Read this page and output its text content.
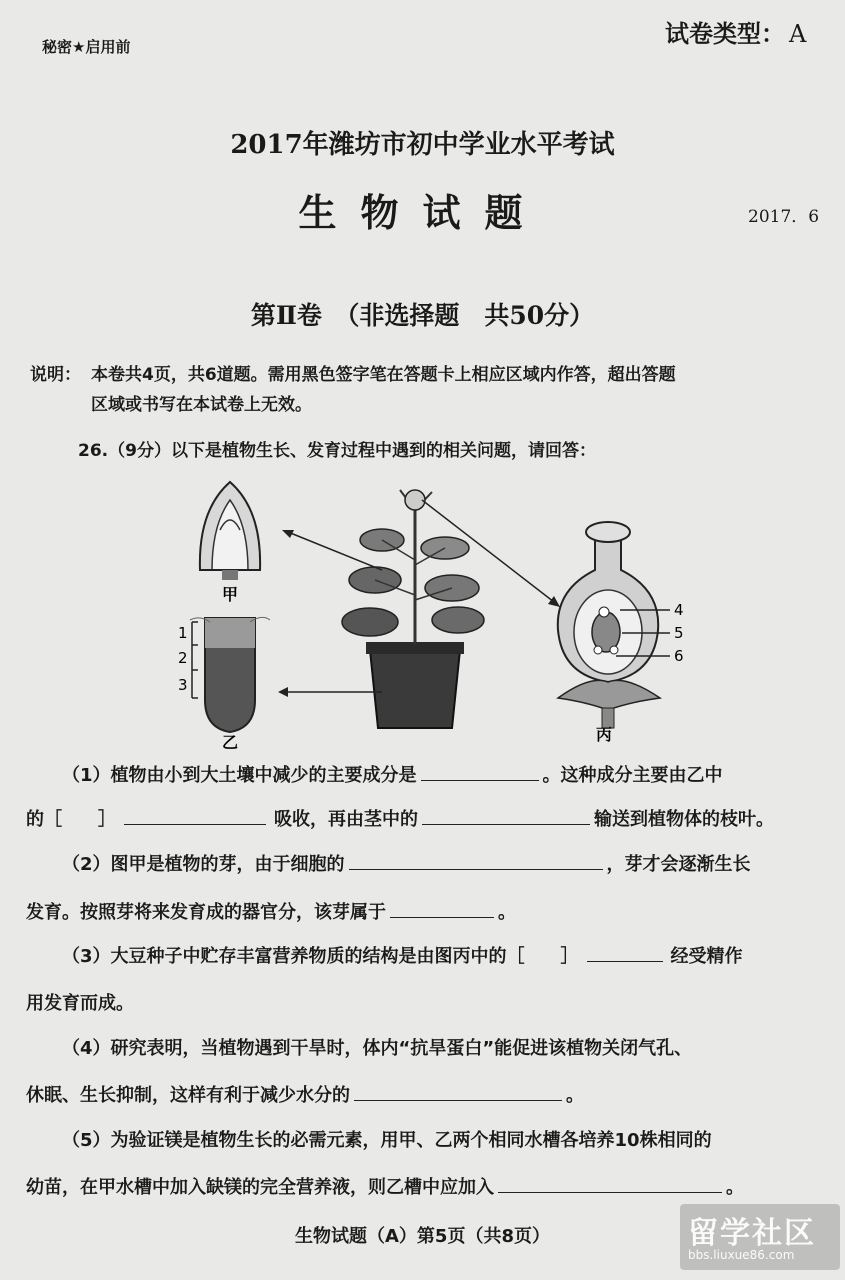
秘密★启用前	试卷类型： A
2017年潍坊市初中学业水平考试
生物试题	2017．6
第Ⅱ卷　（非选择题　共50分）
说明： 本卷共4页，共6道题。需用黑色签字笔在答题卡上相应区域内作答，超出答题
区域或书写在本试卷上无效。
26.（9分）以下是植物生长、发育过程中遇到的相关问题，请回答：
甲
乙	丙
1
2
3
4
5
6
（1）植物由小到大土壤中减少的主要成分是	。这种成分主要由乙中
的［　　］	吸收，再由茎中的	输送到植物体的枝叶。
（2）图甲是植物的芽，由于细胞的	，芽才会逐渐生长
发育。按照芽将来发育成的器官分，该芽属于	。
（3）大豆种子中贮存丰富营养物质的结构是由图丙中的［　　］	经受精作
用发育而成。
（4）研究表明，当植物遇到干旱时，体内“抗旱蛋白”能促进该植物关闭气孔、
休眠、生长抑制，这样有利于减少水分的	。
（5）为验证镁是植物生长的必需元素，用甲、乙两个相同水槽各培养10株相同的
幼苗，在甲水槽中加入缺镁的完全营养液，则乙槽中应加入	。
生物试题（A）第5页（共8页）	留学社区
bbs.liuxue86.com
